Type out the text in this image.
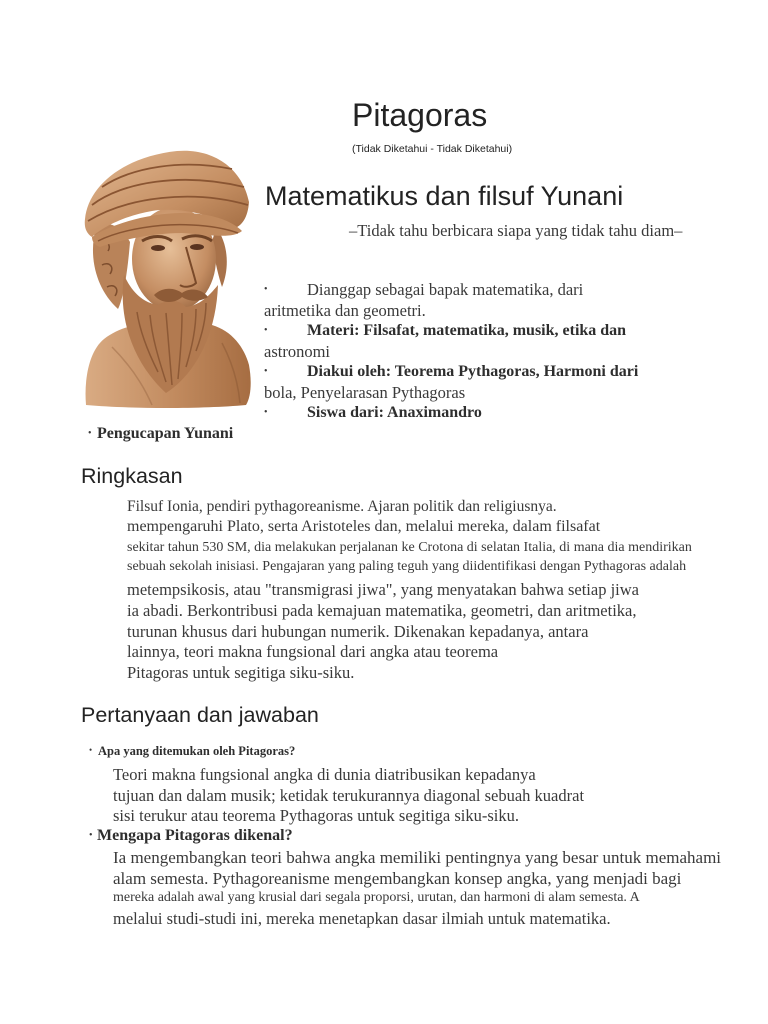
Pitagoras
(Tidak Diketahui - Tidak Diketahui)
Matematikus dan filsuf Yunani
–Tidak tahu berbicara siapa yang tidak tahu diam–
• Dianggap sebagai bapak matematika, dari
aritmetika dan geometri.
• Materi: Filsafat, matematika, musik, etika dan
astronomi
• Diakui oleh: Teorema Pythagoras, Harmoni dari
bola, Penyelarasan Pythagoras
• Siswa dari: Anaximandro
• Pengucapan Yunani
Ringkasan
Filsuf Ionia, pendiri pythagoreanisme. Ajaran politik dan religiusnya.
mempengaruhi Plato, serta Aristoteles dan, melalui mereka, dalam filsafat
sekitar tahun 530 SM, dia melakukan perjalanan ke Crotona di selatan Italia, di mana dia mendirikan
sebuah sekolah inisiasi. Pengajaran yang paling teguh yang diidentifikasi dengan Pythagoras adalah
metempsikosis, atau "transmigrasi jiwa", yang menyatakan bahwa setiap jiwa
ia abadi. Berkontribusi pada kemajuan matematika, geometri, dan aritmetika,
turunan khusus dari hubungan numerik. Dikenakan kepadanya, antara
lainnya, teori makna fungsional dari angka atau teorema
Pitagoras untuk segitiga siku-siku.
Pertanyaan dan jawaban
• Apa yang ditemukan oleh Pitagoras?
Teori makna fungsional angka di dunia diatribusikan kepadanya
tujuan dan dalam musik; ketidak terukurannya diagonal sebuah kuadrat
sisi terukur atau teorema Pythagoras untuk segitiga siku-siku.
• Mengapa Pitagoras dikenal?
Ia mengembangkan teori bahwa angka memiliki pentingnya yang besar untuk memahami
alam semesta. Pythagoreanisme mengembangkan konsep angka, yang menjadi bagi
mereka adalah awal yang krusial dari segala proporsi, urutan, dan harmoni di alam semesta. A
melalui studi-studi ini, mereka menetapkan dasar ilmiah untuk matematika.
